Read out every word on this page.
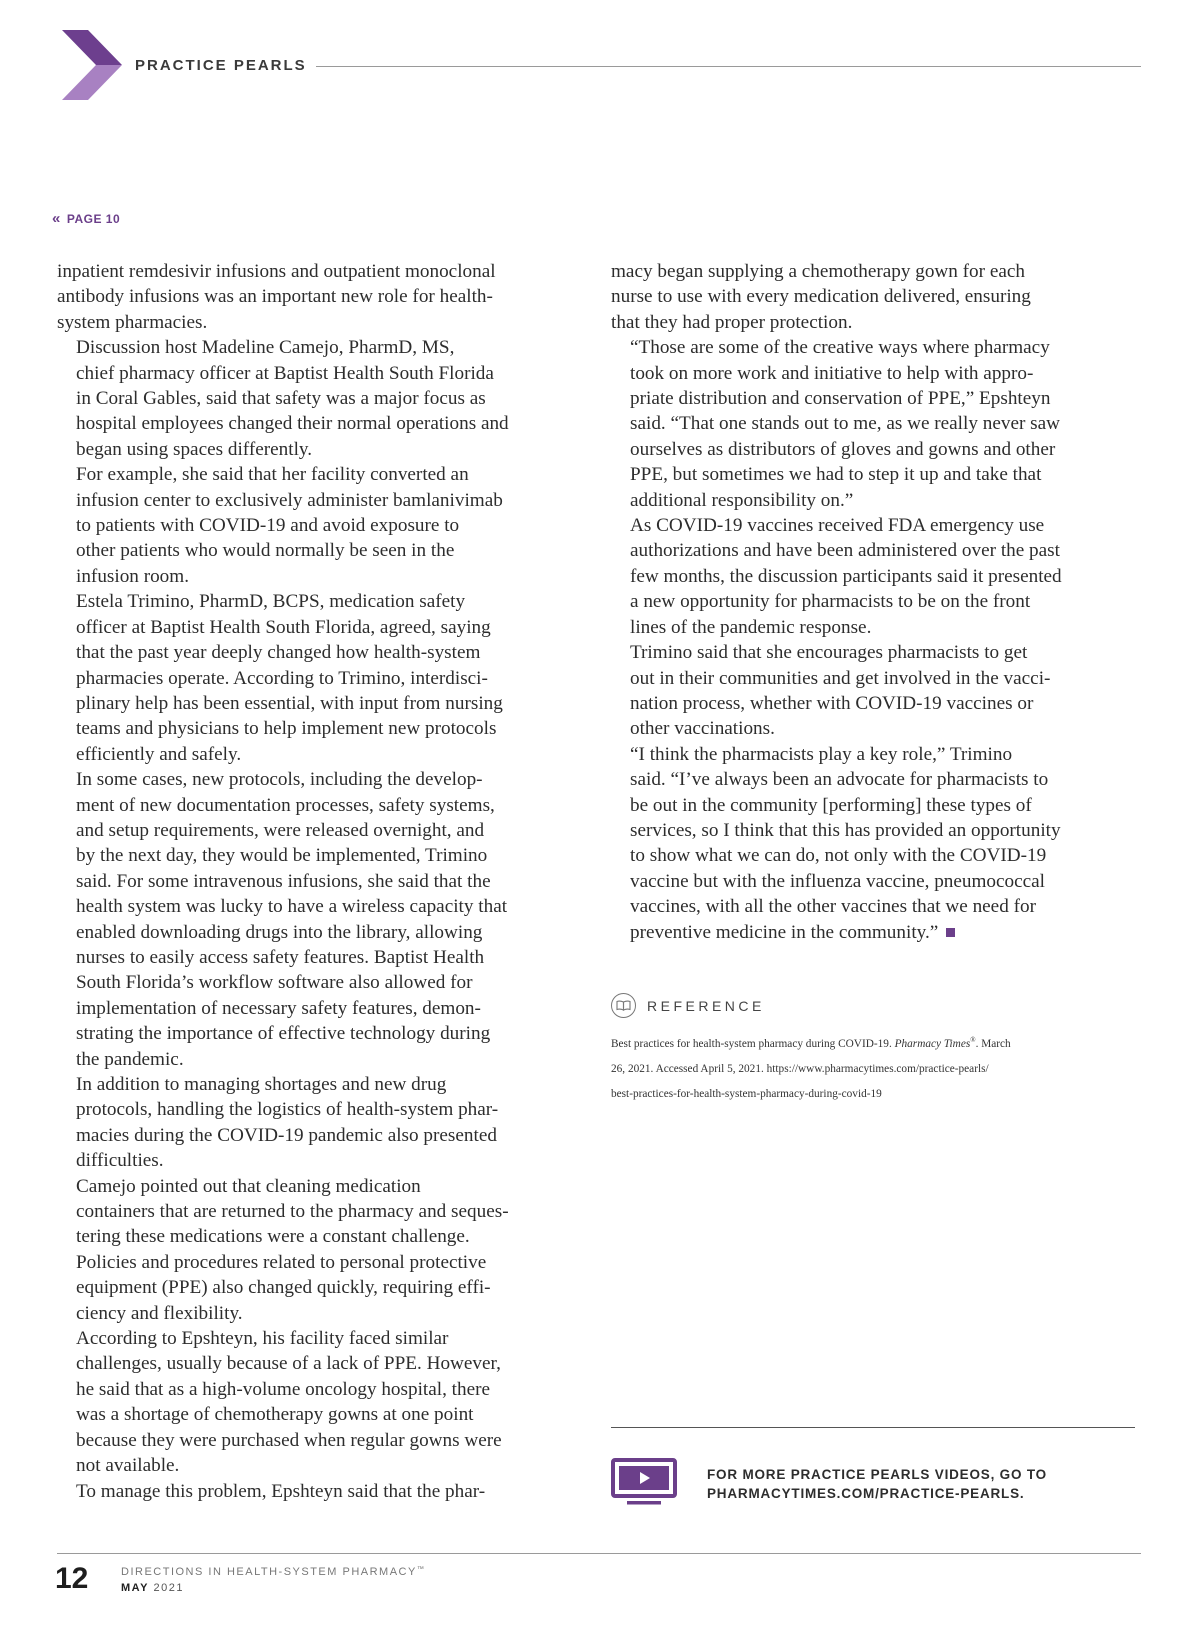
PRACTICE PEARLS
« PAGE 10

inpatient remdesivir infusions and outpatient monoclonal
antibody infusions was an important new role for health-
system pharmacies.

Discussion host Madeline Camejo, PharmD, MS,
chief pharmacy officer at Baptist Health South Florida
in Coral Gables, said that safety was a major focus as
hospital employees changed their normal operations and
began using spaces differently.

For example, she said that her facility converted an
infusion center to exclusively administer bamlanivimab
to patients with COVID-19 and avoid exposure to
other patients who would normally be seen in the
infusion room.

Estela Trimino, PharmD, BCPS, medication safety
officer at Baptist Health South Florida, agreed, saying
that the past year deeply changed how health-system
pharmacies operate. According to Trimino, interdisci-
plinary help has been essential, with input from nursing
teams and physicians to help implement new protocols
efficiently and safely.

In some cases, new protocols, including the develop-
ment of new documentation processes, safety systems,
and setup requirements, were released overnight, and
by the next day, they would be implemented, Trimino
said. For some intravenous infusions, she said that the
health system was lucky to have a wireless capacity that
enabled downloading drugs into the library, allowing
nurses to easily access safety features. Baptist Health
South Florida’s workflow software also allowed for
implementation of necessary safety features, demon-
strating the importance of effective technology during
the pandemic.

In addition to managing shortages and new drug
protocols, handling the logistics of health-system phar-
macies during the COVID-19 pandemic also presented
difficulties.

Camejo pointed out that cleaning medication
containers that are returned to the pharmacy and seques-
tering these medications were a constant challenge.
Policies and procedures related to personal protective
equipment (PPE) also changed quickly, requiring effi-
ciency and flexibility.

According to Epshteyn, his facility faced similar
challenges, usually because of a lack of PPE. However,
he said that as a high-volume oncology hospital, there
was a shortage of chemotherapy gowns at one point
because they were purchased when regular gowns were
not available.

To manage this problem, Epshteyn said that the phar-

macy began supplying a chemotherapy gown for each
nurse to use with every medication delivered, ensuring
that they had proper protection.

“Those are some of the creative ways where pharmacy
took on more work and initiative to help with appro-
priate distribution and conservation of PPE,” Epshteyn
said. “That one stands out to me, as we really never saw
ourselves as distributors of gloves and gowns and other
PPE, but sometimes we had to step it up and take that
additional responsibility on.”

As COVID-19 vaccines received FDA emergency use
authorizations and have been administered over the past
few months, the discussion participants said it presented
a new opportunity for pharmacists to be on the front
lines of the pandemic response.

Trimino said that she encourages pharmacists to get
out in their communities and get involved in the vacci-
nation process, whether with COVID-19 vaccines or
other vaccinations.

“I think the pharmacists play a key role,” Trimino
said. “I’ve always been an advocate for pharmacists to
be out in the community [performing] these types of
services, so I think that this has provided an opportunity
to show what we can do, not only with the COVID-19
vaccine but with the influenza vaccine, pneumococcal
vaccines, with all the other vaccines that we need for
preventive medicine in the community.”

REFERENCE
Best practices for health-system pharmacy during COVID-19. Pharmacy Times®. March
26, 2021. Accessed April 5, 2021. https://www.pharmacytimes.com/practice-pearls/
best-practices-for-health-system-pharmacy-during-covid-19
FOR MORE PRACTICE PEARLS VIDEOS, GO TO
PHARMACYTIMES.COM/PRACTICE-PEARLS.
12	DIRECTIONS IN HEALTH-SYSTEM PHARMACY™
MAY 2021
